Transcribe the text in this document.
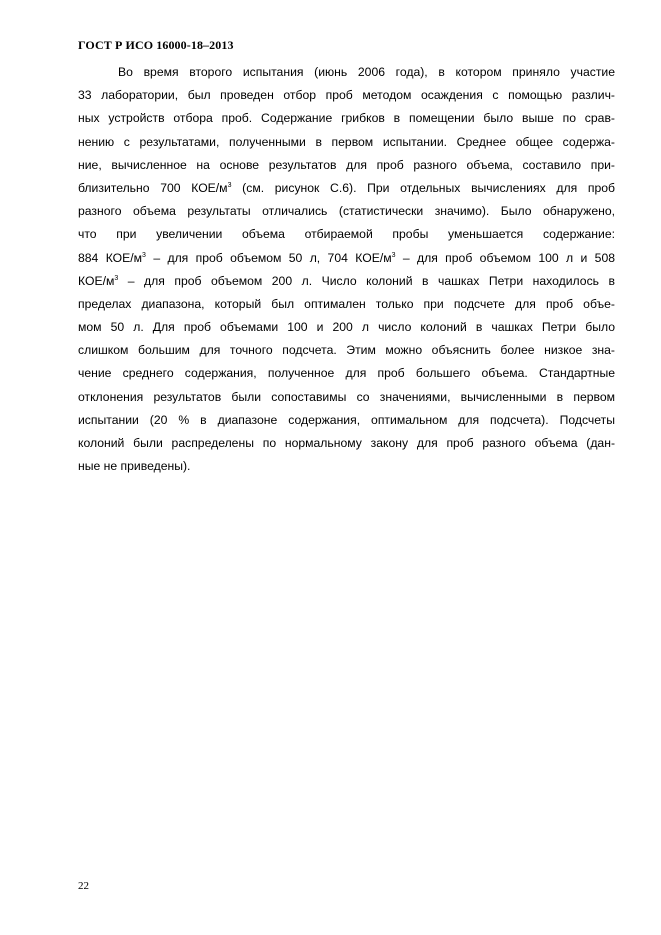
ГОСТ Р ИСО 16000-18–2013
Во время второго испытания (июнь 2006 года), в котором приняло участие
33 лаборатории, был проведен отбор проб методом осаждения с помощью различ-
ных устройств отбора проб. Содержание грибков в помещении было выше по срав-
нению с результатами, полученными в первом испытании. Среднее общее содержа-
ние, вычисленное на основе результатов для проб разного объема, составило при-
близительно 700 КОЕ/$м^3$ (см. рисунок С.6). При отдельных вычислениях для проб
разного объема результаты отличались (статистически значимо). Было обнаружено,
что при увеличении объема отбираемой пробы уменьшается содержание:
884 КОЕ/$м^3$ – для проб объемом 50 л, 704 КОЕ/$м^3$ – для проб объемом 100 л и 508
КОЕ/$м^3$ – для проб объемом 200 л. Число колоний в чашках Петри находилось в
пределах диапазона, который был оптимален только при подсчете для проб объе-
мом 50 л. Для проб объемами 100 и 200 л число колоний в чашках Петри было
слишком большим для точного подсчета. Этим можно объяснить более низкое зна-
чение среднего содержания, полученное для проб большего объема. Стандартные
отклонения результатов были сопоставимы со значениями, вычисленными в первом
испытании (20 % в диапазоне содержания, оптимальном для подсчета). Подсчеты
колоний были распределены по нормальному закону для проб разного объема (дан-
ные не приведены).
22
